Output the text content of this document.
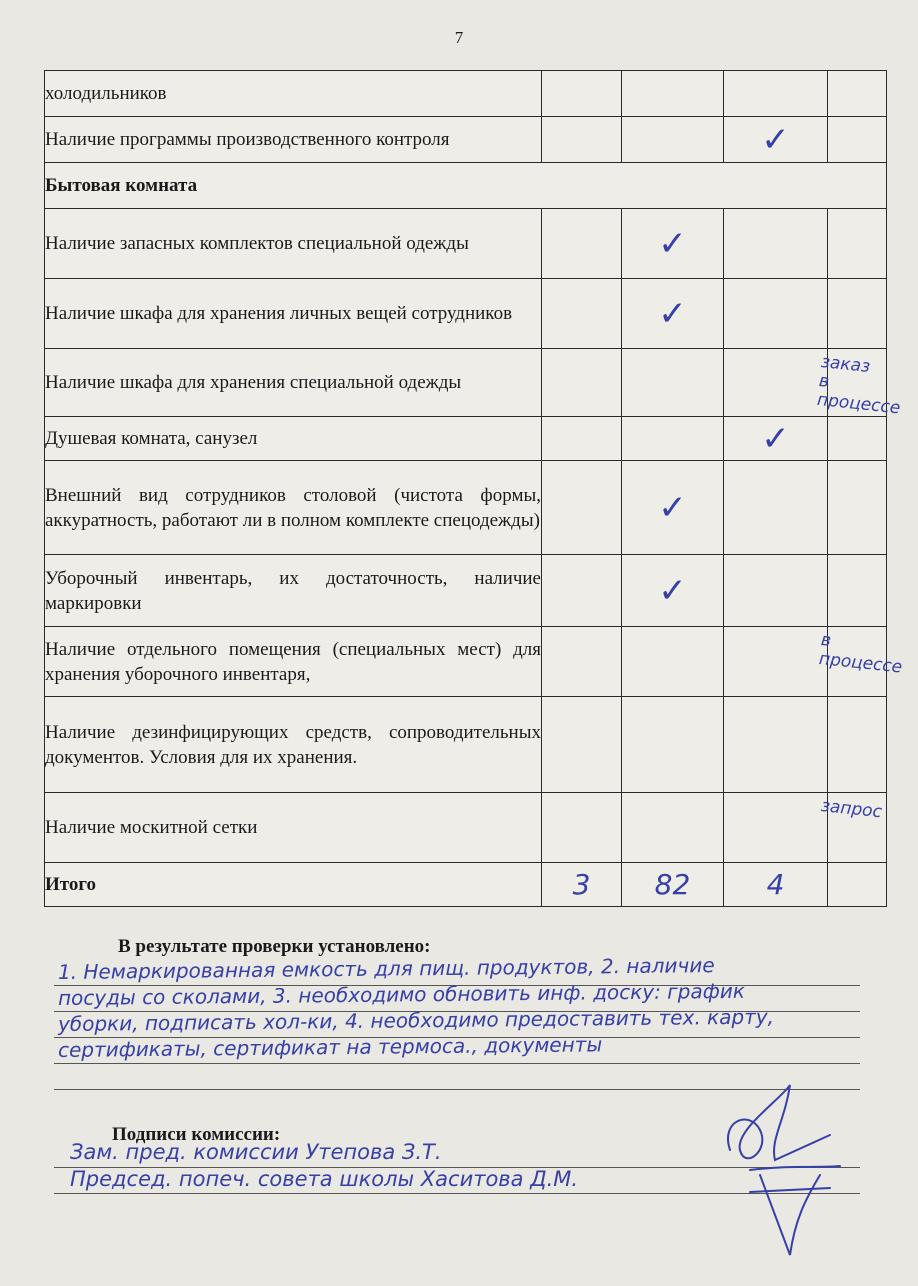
7
холодильников	

Наличие программы производственного контроля			✓	

Бытовая комната				
Наличие запасных комплектов специальной одежды		✓		

Наличие шкафа для хранения личных вещей сотрудников		✓		

Наличие шкафа для хранения специальной одежды				заказ в процессе

Душевая комната, санузел			✓	

Внешний вид сотрудников столовой (чистота формы, аккуратность, работают ли в полном комплекте спецодежды)		✓		

Уборочный инвентарь, их достаточность, наличие маркировки		✓		

Наличие отдельного помещения (специальных мест) для хранения уборочного инвентаря,				в процессе

Наличие дезинфицирующих средств, сопроводительных документов. Условия для их хранения.	

Наличие москитной сетки				запрос

Итого	3	82	4	

В результате проверки установлено:
1. Немаркированная емкость для пищ. продуктов, 2. наличие
посуды со сколами, 3. необходимо обновить инф. доску: график
уборки, подписать хол-ки, 4. необходимо предоставить тех. карту,
сертификаты, сертификат на термоса., документы
Подписи комиссии:
Зам. пред. комиссии Утепова З.Т.
Председ. попеч. совета школы Хаситова Д.М.
